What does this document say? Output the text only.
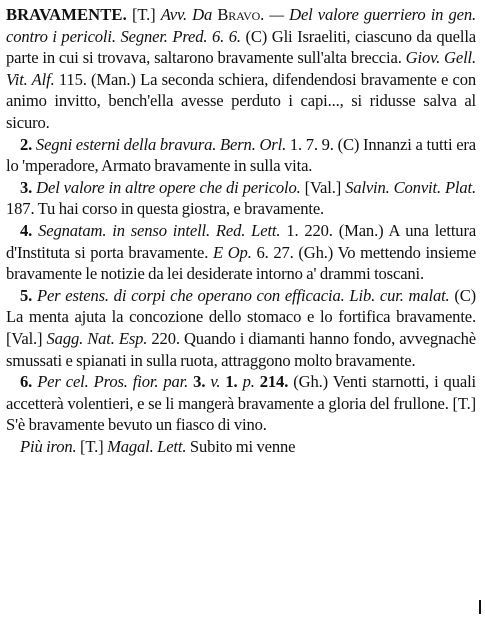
BRAVAMENTE. [T.] Avv. Da Bravo. — Del valore guerriero in gen. contro i pericoli. Segner. Pred. 6. 6. (C) Gli Israeliti, ciascuno da quella parte in cui si trovava, saltarono bravamente sull'alta breccia. Giov. Gell. Vit. Alf. 115. (Man.) La seconda schiera, difendendosi bravamente e con animo invitto, bench'ella avesse perduto i capi..., si ridusse salva al sicuro.

2. Segni esterni della bravura. Bern. Orl. 1. 7. 9. (C) Innanzi a tutti era lo 'mperadore, Armato bravamente in sulla vita.

3. Del valore in altre opere che di pericolo. [Val.] Salvin. Convit. Plat. 187. Tu hai corso in questa giostra, e bravamente.

4. Segnatam. in senso intell. Red. Lett. 1. 220. (Man.) A una lettura d'Instituta si porta bravamente. E Op. 6. 27. (Gh.) Vo mettendo insieme bravamente le notizie da lei desiderate intorno a' drammi toscani.

5. Per estens. di corpi che operano con efficacia. Lib. cur. malat. (C) La menta ajuta la concozione dello stomaco e lo fortifica bravamente. [Val.] Sagg. Nat. Esp. 220. Quando i diamanti hanno fondo, avvegnachè smussati e spianati in sulla ruota, attraggono molto bravamente.

6. Per cel. Pros. fior. par. 3. v. 1. p. 214. (Gh.) Venti starnotti, i quali accetterà volentieri, e se li mangerà bravamente a gloria del frullone. [T.] S'è bravamente bevuto un fiasco di vino.

Più iron. [T.] Magal. Lett. Subito mi venne
